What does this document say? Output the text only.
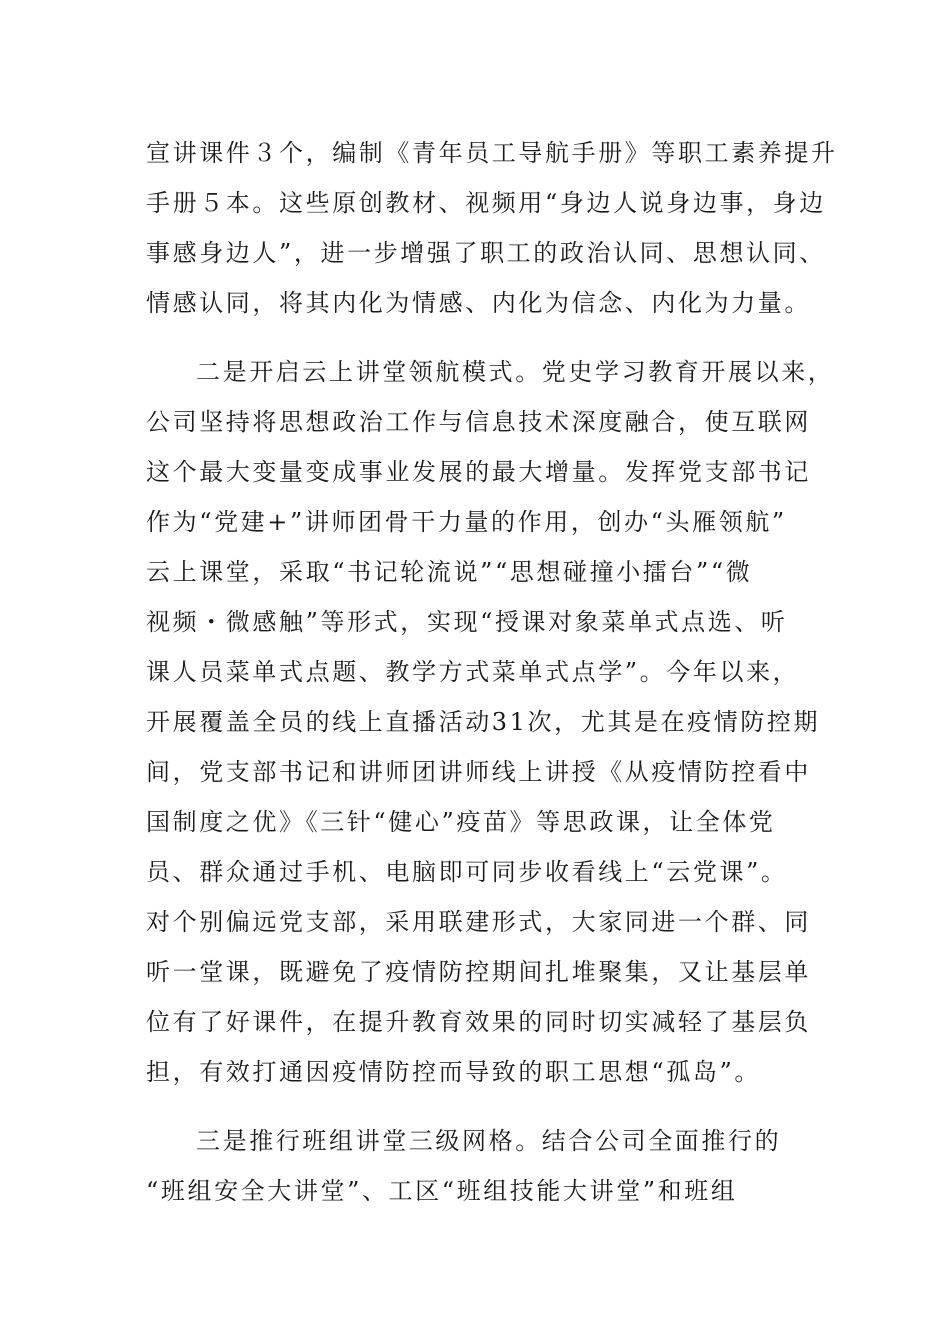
宣讲课件３个，编制《青年员工导航手册》等职工素养提升
手册５本。这些原创教材、视频用“身边人说身边事，身边
事感身边人”，进一步增强了职工的政治认同、思想认同、
情感认同，将其内化为情感、内化为信念、内化为力量。
二是开启云上讲堂领航模式。党史学习教育开展以来，
公司坚持将思想政治工作与信息技术深度融合，使互联网
这个最大变量变成事业发展的最大增量。发挥党支部书记
作为“党建+”讲师团骨干力量的作用，创办“头雁领航”
云上课堂，采取“书记轮流说”“思想碰撞小擂台”“微
视频・微感触”等形式，实现“授课对象菜单式点选、听
课人员菜单式点题、教学方式菜单式点学”。今年以来，
开展覆盖全员的线上直播活动31次，尤其是在疫情防控期
间，党支部书记和讲师团讲师线上讲授《从疫情防控看中
国制度之优》《三针“健心”疫苗》等思政课，让全体党
员、群众通过手机、电脑即可同步收看线上“云党课”。
对个别偏远党支部，采用联建形式，大家同进一个群、同
听一堂课，既避免了疫情防控期间扎堆聚集，又让基层单
位有了好课件，在提升教育效果的同时切实减轻了基层负
担，有效打通因疫情防控而导致的职工思想“孤岛”。
三是推行班组讲堂三级网格。结合公司全面推行的
“班组安全大讲堂”、工区“班组技能大讲堂”和班组
